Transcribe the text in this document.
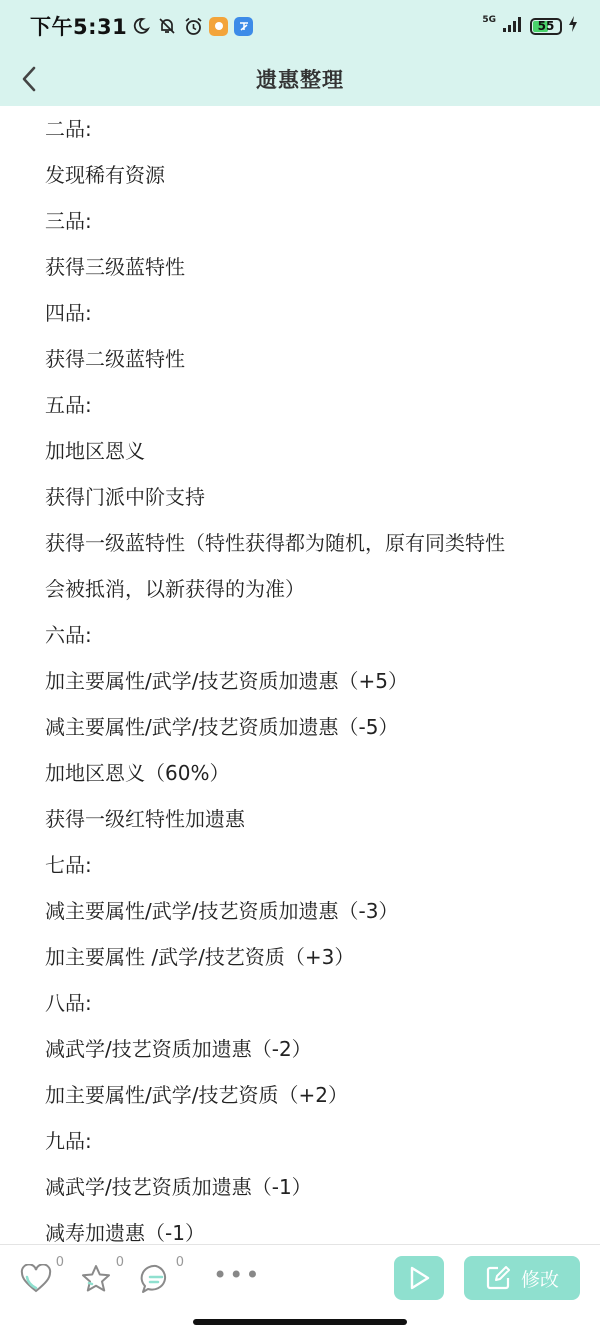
下午5:31	5G	55
遗惠整理
二品:
发现稀有资源
三品:
获得三级蓝特性
四品:
获得二级蓝特性
五品:
加地区恩义
获得门派中阶支持
获得一级蓝特性（特性获得都为随机，原有同类特性
会被抵消，以新获得的为准）
六品:
加主要属性/武学/技艺资质加遗惠（+5）
减主要属性/武学/技艺资质加遗惠（-5）
加地区恩义（60%）
获得一级红特性加遗惠
七品:
减主要属性/武学/技艺资质加遗惠（-3）
加主要属性 /武学/技艺资质（+3）
八品:
减武学/技艺资质加遗惠（-2）
加主要属性/武学/技艺资质（+2）
九品:
减武学/技艺资质加遗惠（-1）
减寿加遗惠（-1）
0	0	0 •••	修改
